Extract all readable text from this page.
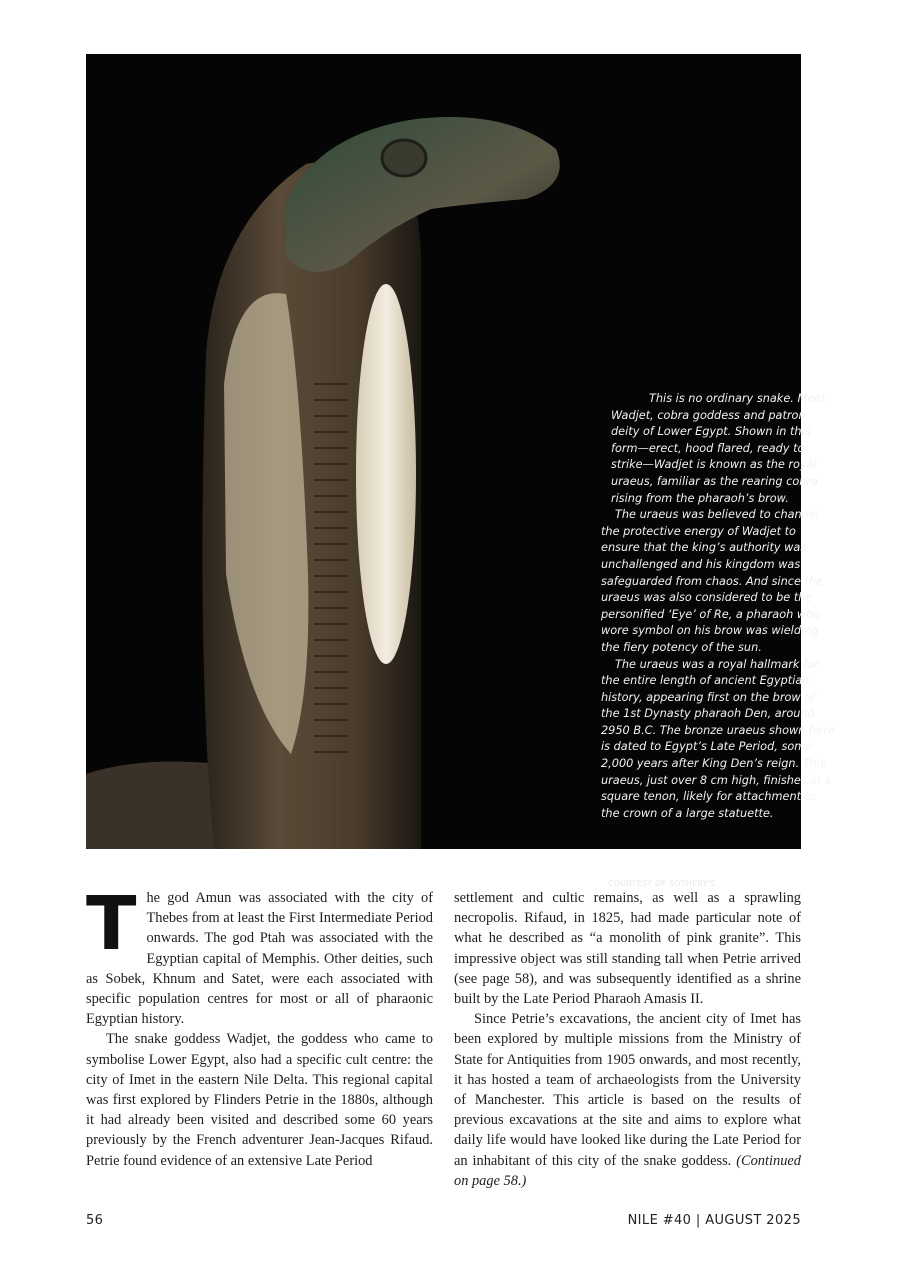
This is no ordinary snake. Meet Wadjet, cobra goddess and patron deity of Lower Egypt. Shown in this form—erect, hood flared, ready to strike—Wadjet is known as the royal uraeus, familiar as the rearing cobra rising from the pharaoh’s brow.

The uraeus was believed to channel the protective energy of Wadjet to ensure that the king’s authority was unchallenged and his kingdom was safeguarded from chaos. And since the uraeus was also considered to be the personified ‘Eye’ of Re, a pharaoh who wore symbol on his brow was wielding the fiery potency of the sun.

The uraeus was a royal hallmark for the entire length of ancient Egyptian history, appearing first on the brow of the 1st Dynasty pharaoh Den, around 2950 B.C. The bronze uraeus shown here is dated to Egypt’s Late Period, some 2,000 years after King Den’s reign. This uraeus, just over 8 cm high, finishes in a square tenon, likely for attachment to the crown of a large statuette.

COURTESY OF SOTHEBY'S

The god Amun was associated with the city of Thebes from at least the First Intermediate Period onwards. The god Ptah was associated with the Egyptian capital of Memphis. Other deities, such as Sobek, Khnum and Satet, were each associated with specific population centres for most or all of pharaonic Egyptian history.

The snake goddess Wadjet, the goddess who came to symbolise Lower Egypt, also had a specific cult centre: the city of Imet in the eastern Nile Delta. This regional capital was first explored by Flinders Petrie in the 1880s, although it had already been visited and described some 60 years previously by the French adventurer Jean-Jacques Rifaud. Petrie found evidence of an extensive Late Period

settlement and cultic remains, as well as a sprawling necropolis. Rifaud, in 1825, had made particular note of what he described as “a monolith of pink granite”. This impressive object was still standing tall when Petrie arrived (see page 58), and was subsequently identified as a shrine built by the Late Period Pharaoh Amasis II.

Since Petrie’s excavations, the ancient city of Imet has been explored by multiple missions from the Ministry of State for Antiquities from 1905 onwards, and most recently, it has hosted a team of archaeologists from the University of Manchester. This article is based on the results of previous excavations at the site and aims to explore what daily life would have looked like during the Late Period for an inhabitant of this city of the snake goddess. (Continued on page 58.)

56	NILE #40 | AUGUST 2025
